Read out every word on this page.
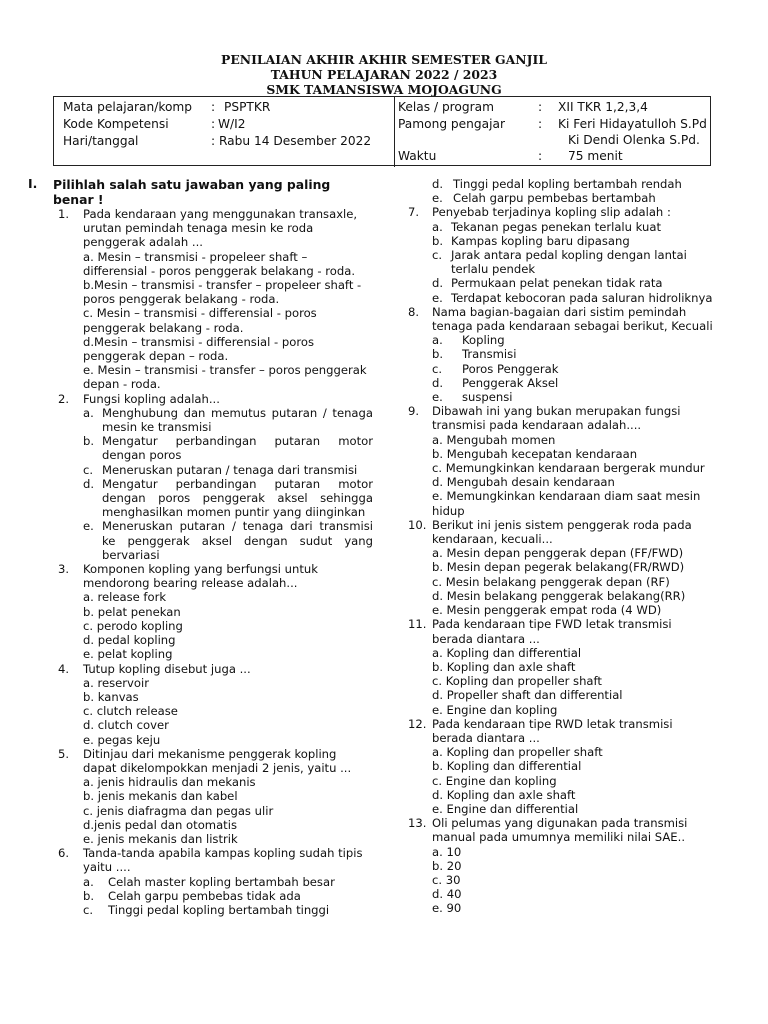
PENILAIAN AKHIR AKHIR SEMESTER GANJIL
TAHUN PELAJARAN 2022 / 2023
SMK TAMANSISWA MOJOAGUNG
Mata pelajaran/komp : PSPTKR
Kode Kompetensi	: W/I2
Hari/tanggal	: Rabu 14 Desember 2022
Kelas / program	: XII TKR 1,2,3,4
Pamong pengajar	: Ki Feri Hidayatulloh S.Pd
Ki Dendi Olenka S.Pd.
Waktu	: 75 menit
I. Pilihlah salah satu jawaban yang paling
benar !
1. Pada kendaraan yang menggunakan transaxle, urutan pemindah tenaga mesin ke roda penggerak adalah ...
a. Mesin – transmisi - propeleer shaft – differensial - poros penggerak belakang - roda.
b.Mesin – transmisi - transfer – propeleer shaft - poros penggerak belakang - roda.
c. Mesin – transmisi - differensial - poros penggerak belakang - roda.
d.Mesin – transmisi - differensial - poros penggerak depan – roda.
e. Mesin – transmisi - transfer – poros penggerak depan - roda.
2. Fungsi kopling adalah...
a. Menghubung dan memutus putaran / tenaga mesin ke transmisi
b. Mengatur perbandingan putaran motor dengan poros
c. Meneruskan putaran / tenaga dari transmisi
d. Mengatur perbandingan putaran motor dengan poros penggerak aksel sehingga menghasilkan momen puntir yang diinginkan
e. Meneruskan putaran / tenaga dari transmisi ke penggerak aksel dengan sudut yang bervariasi
3. Komponen kopling yang berfungsi untuk mendorong bearing release adalah...
a. release fork
b. pelat penekan
c. perodo kopling
d. pedal kopling
e. pelat kopling
4. Tutup kopling disebut juga ...
a. reservoir
b. kanvas
c. clutch release
d. clutch cover
e. pegas keju
5. Ditinjau dari mekanisme penggerak kopling dapat dikelompokkan menjadi 2 jenis, yaitu ...
a. jenis hidraulis dan mekanis
b. jenis mekanis dan kabel
c. jenis diafragma dan pegas ulir
d.jenis pedal dan otomatis
e. jenis mekanis dan listrik
6. Tanda-tanda apabila kampas kopling sudah tipis yaitu ....
a. Celah master kopling bertambah besar
b. Celah garpu pembebas tidak ada
c. Tinggi pedal kopling bertambah tinggi
d. Tinggi pedal kopling bertambah rendah
e. Celah garpu pembebas bertambah
7. Penyebab terjadinya kopling slip adalah :
a. Tekanan pegas penekan terlalu kuat
b. Kampas kopling baru dipasang
c. Jarak antara pedal kopling dengan lantai terlalu pendek
d. Permukaan pelat penekan tidak rata
e. Terdapat kebocoran pada saluran hidroliknya
8. Nama bagian-bagaian dari sistim pemindah tenaga pada kendaraan sebagai berikut, Kecuali
a. Kopling
b. Transmisi
c. Poros Penggerak
d. Penggerak Aksel
e. suspensi
9. Dibawah ini yang bukan merupakan fungsi transmisi pada kendaraan adalah....
a. Mengubah momen
b. Mengubah kecepatan kendaraan
c. Memungkinkan kendaraan bergerak mundur
d. Mengubah desain kendaraan
e. Memungkinkan kendaraan diam saat mesin hidup
10. Berikut ini jenis sistem penggerak roda pada kendaraan, kecuali...
a. Mesin depan penggerak depan (FF/FWD)
b. Mesin depan pegerak belakang(FR/RWD)
c. Mesin belakang penggerak depan (RF)
d. Mesin belakang penggerak belakang(RR)
e. Mesin penggerak empat roda (4 WD)
11. Pada kendaraan tipe FWD letak transmisi berada diantara ...
a. Kopling dan differential
b. Kopling dan axle shaft
c. Kopling dan propeller shaft
d. Propeller shaft dan differential
e. Engine dan kopling
12. Pada kendaraan tipe RWD letak transmisi berada diantara ...
a. Kopling dan propeller shaft
b. Kopling dan differential
c. Engine dan kopling
d. Kopling dan axle shaft
e. Engine dan differential
13. Oli pelumas yang digunakan pada transmisi manual pada umumnya memiliki nilai SAE..
a. 10
b. 20
c. 30
d. 40
e. 90
